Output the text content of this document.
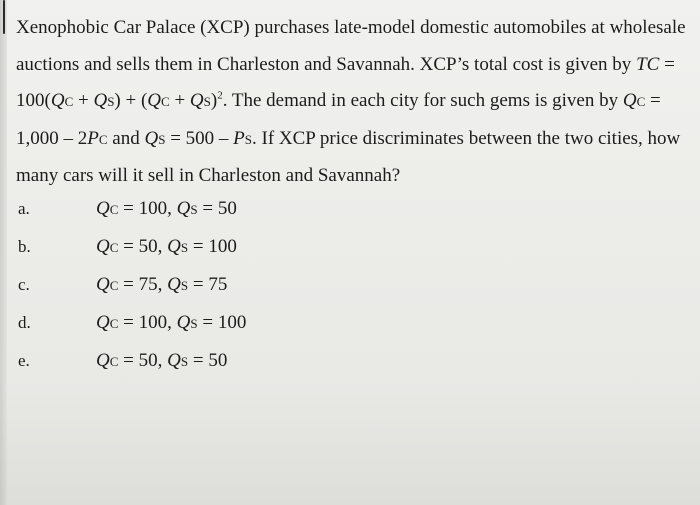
Xenophobic Car Palace (XCP) purchases late-model domestic automobiles at wholesale

auctions and sells them in Charleston and Savannah. XCP’s total cost is given by TC =

100(QC + QS) + (QC + QS)$^2$. The demand in each city for such gems is given by QC =

1,000 – 2PC and QS = 500 – PS. If XCP price discriminates between the two cities, how

many cars will it sell in Charleston and Savannah?

a.	QC = 100, QS = 50
b.	QC = 50, QS = 100
c.	QC = 75, QS = 75
d.	QC = 100, QS = 100
e.	QC = 50, QS = 50
